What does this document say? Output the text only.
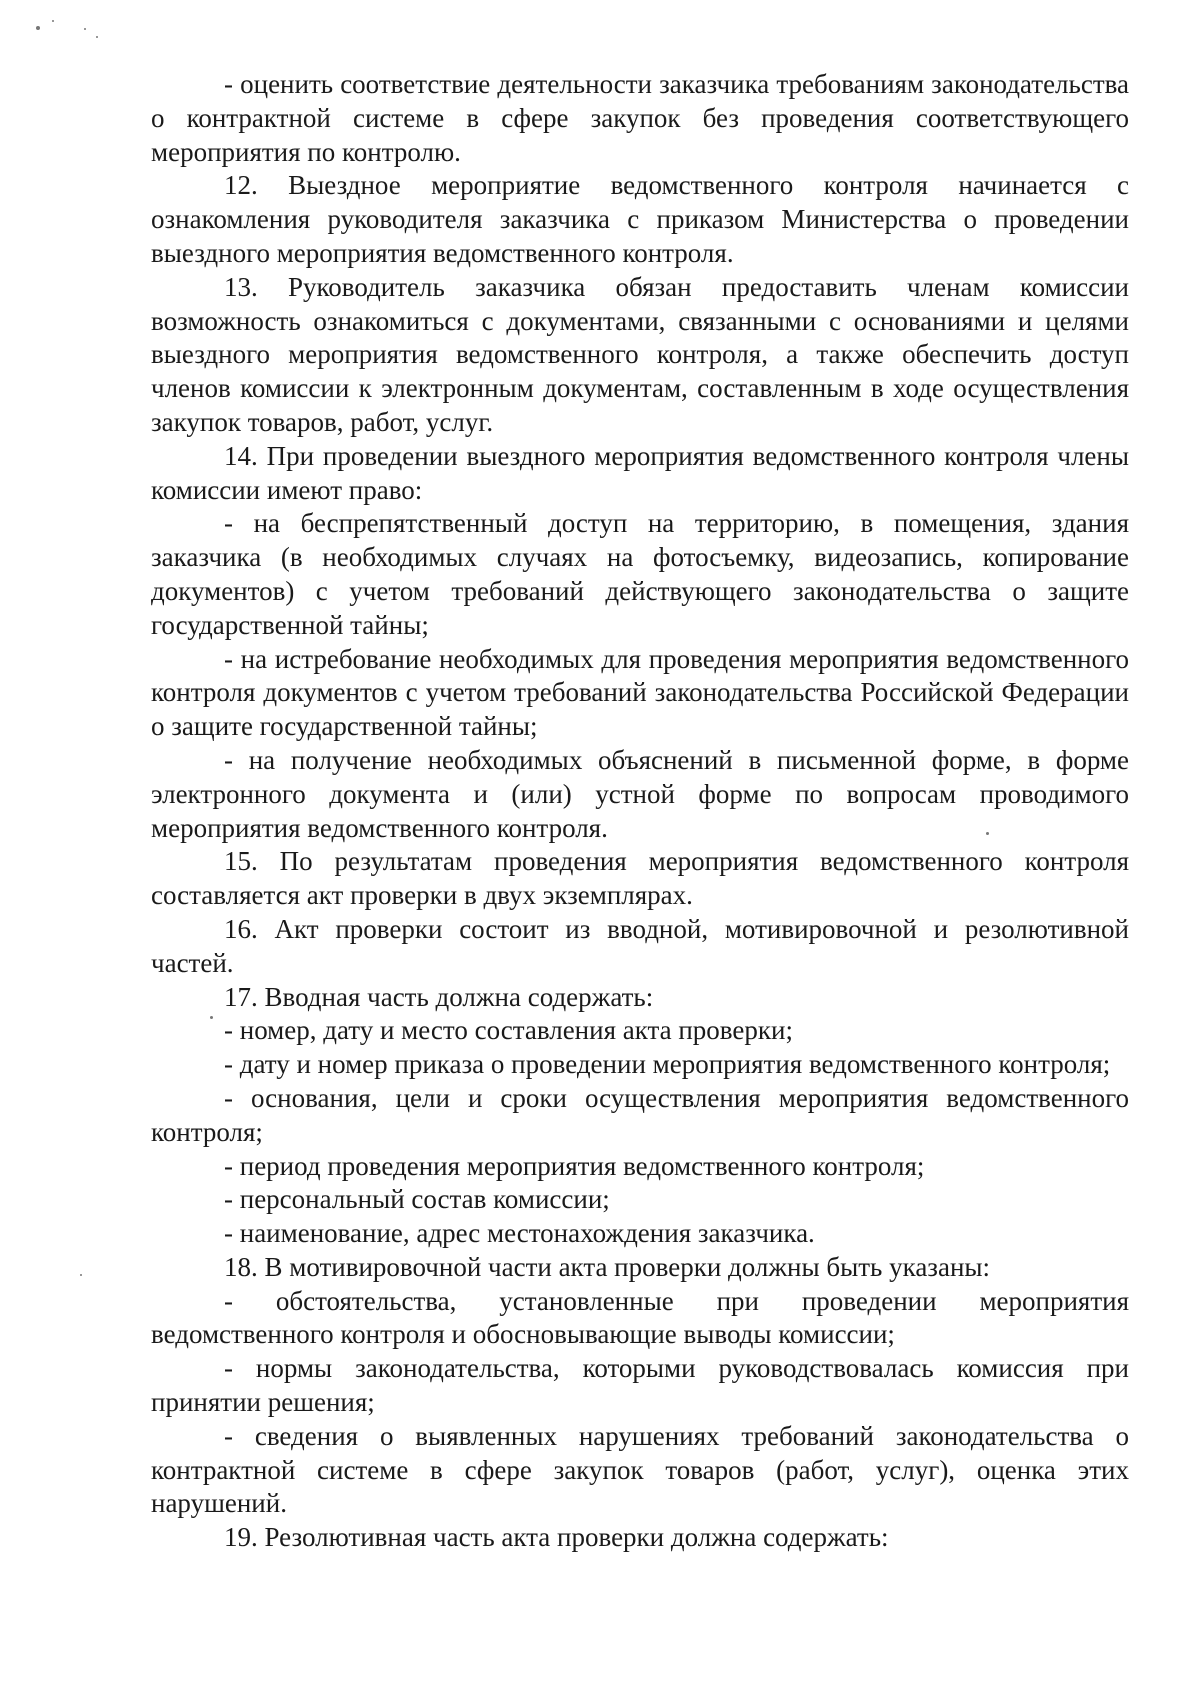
- оценить соответствие деятельности заказчика требованиям законодательства о контрактной системе в сфере закупок без проведения соответствующего мероприятия по контролю.

12. Выездное мероприятие ведомственного контроля начинается с ознакомления руководителя заказчика с приказом Министерства о проведении выездного мероприятия ведомственного контроля.

13. Руководитель заказчика обязан предоставить членам комиссии возможность ознакомиться с документами, связанными с основаниями и целями выездного мероприятия ведомственного контроля, а также обеспечить доступ членов комиссии к электронным документам, составленным в ходе осуществления закупок товаров, работ, услуг.

14. При проведении выездного мероприятия ведомственного контроля члены комиссии имеют право:

- на беспрепятственный доступ на территорию, в помещения, здания заказчика (в необходимых случаях на фотосъемку, видеозапись, копирование документов) с учетом требований действующего законодательства о защите государственной тайны;

- на истребование необходимых для проведения мероприятия ведомственного контроля документов с учетом требований законодательства Российской Федерации о защите государственной тайны;

- на получение необходимых объяснений в письменной форме, в форме электронного документа и (или) устной форме по вопросам проводимого мероприятия ведомственного контроля.

15. По результатам проведения мероприятия ведомственного контроля составляется акт проверки в двух экземплярах.

16. Акт проверки состоит из вводной, мотивировочной и резолютивной частей.

17. Вводная часть должна содержать:

- номер, дату и место составления акта проверки;

- дату и номер приказа о проведении мероприятия ведомственного контроля;

- основания, цели и сроки осуществления мероприятия ведомственного контроля;

- период проведения мероприятия ведомственного контроля;

- персональный состав комиссии;

- наименование, адрес местонахождения заказчика.

18. В мотивировочной части акта проверки должны быть указаны:

- обстоятельства, установленные при проведении мероприятия ведомственного контроля и обосновывающие выводы комиссии;

- нормы законодательства, которыми руководствовалась комиссия при принятии решения;

- сведения о выявленных нарушениях требований законодательства о контрактной системе в сфере закупок товаров (работ, услуг), оценка этих нарушений.

19. Резолютивная часть акта проверки должна содержать:
